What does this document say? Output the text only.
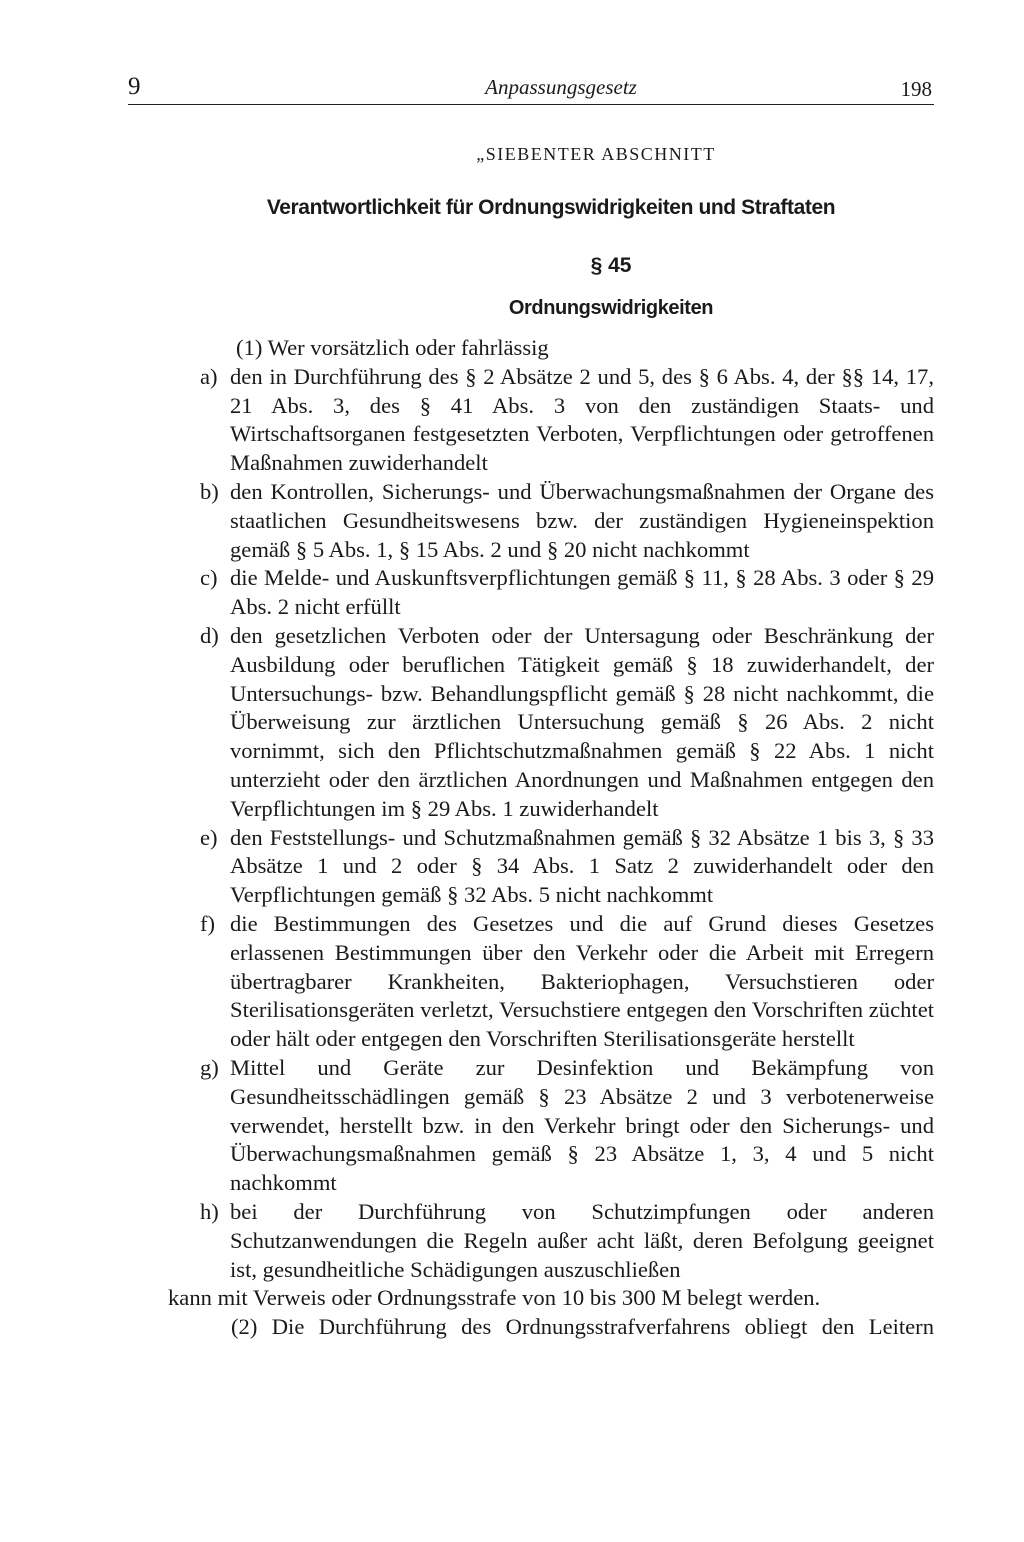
9	Anpassungsgesetz	198
„SIEBENTER ABSCHNITT
Verantwortlichkeit für Ordnungswidrigkeiten und Straftaten
§ 45
Ordnungswidrigkeiten

(1) Wer vorsätzlich oder fahrlässig

a) den in Durchführung des § 2 Absätze 2 und 5, des § 6 Abs. 4, der §§ 14, 17, 21 Abs. 3, des § 41 Abs. 3 von den zuständigen Staats- und Wirtschaftsorganen festgesetzten Verboten, Verpflichtungen oder getroffenen Maßnahmen zuwiderhandelt
b) den Kontrollen, Sicherungs- und Überwachungsmaßnahmen der Organe des staatlichen Gesundheitswesens bzw. der zuständigen Hygieneinspektion gemäß § 5 Abs. 1, § 15 Abs. 2 und § 20 nicht nachkommt
c) die Melde- und Auskunftsverpflichtungen gemäß § 11, § 28 Abs. 3 oder § 29 Abs. 2 nicht erfüllt
d) den gesetzlichen Verboten oder der Untersagung oder Beschränkung der Ausbildung oder beruflichen Tätigkeit gemäß § 18 zuwiderhandelt, der Untersuchungs- bzw. Behandlungspflicht gemäß § 28 nicht nachkommt, die Überweisung zur ärztlichen Untersuchung gemäß § 26 Abs. 2 nicht vornimmt, sich den Pflichtschutzmaßnahmen gemäß § 22 Abs. 1 nicht unterzieht oder den ärztlichen Anordnungen und Maßnahmen entgegen den Verpflichtungen im § 29 Abs. 1 zuwiderhandelt
e) den Feststellungs- und Schutzmaßnahmen gemäß § 32 Absätze 1 bis 3, § 33 Absätze 1 und 2 oder § 34 Abs. 1 Satz 2 zuwiderhandelt oder den Verpflichtungen gemäß § 32 Abs. 5 nicht nachkommt
f) die Bestimmungen des Gesetzes und die auf Grund dieses Gesetzes erlassenen Bestimmungen über den Verkehr oder die Arbeit mit Erregern übertragbarer Krankheiten, Bakteriophagen, Versuchstieren oder Sterilisationsgeräten verletzt, Versuchstiere entgegen den Vorschriften züchtet oder hält oder entgegen den Vorschriften Sterilisationsgeräte herstellt
g) Mittel und Geräte zur Desinfektion und Bekämpfung von Gesundheitsschädlingen gemäß § 23 Absätze 2 und 3 verbotenerweise verwendet, herstellt bzw. in den Verkehr bringt oder den Sicherungs- und Überwachungsmaßnahmen gemäß § 23 Absätze 1, 3, 4 und 5 nicht nachkommt
h) bei der Durchführung von Schutzimpfungen oder anderen Schutzanwendungen die Regeln außer acht läßt, deren Befolgung geeignet ist, gesundheitliche Schädigungen auszuschließen

kann mit Verweis oder Ordnungsstrafe von 10 bis 300 M belegt werden.

(2) Die Durchführung des Ordnungsstrafverfahrens obliegt den Leitern
